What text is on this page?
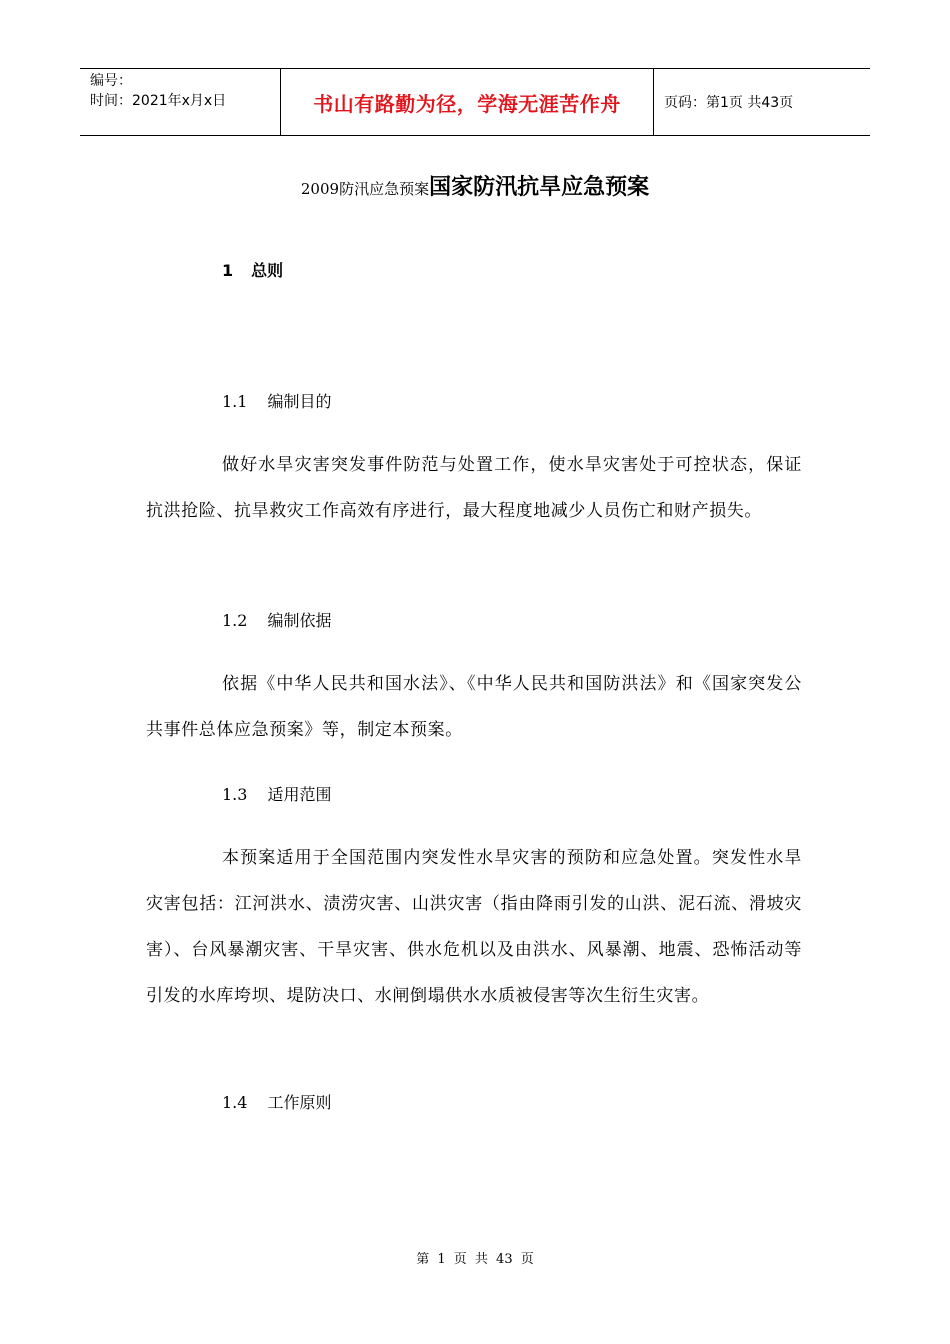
编号：
时间：2021年x月x日	书山有路勤为径，学海无涯苦作舟	页码：第1页 共43页
2009防汛应急预案国家防汛抗旱应急预案
1 总则
1.1 编制目的
做好水旱灾害突发事件防范与处置工作，使水旱灾害处于可控状态，保证抗洪抢险、抗旱救灾工作高效有序进行，最大程度地减少人员伤亡和财产损失。
1.2 编制依据
依据《中华人民共和国水法》、《中华人民共和国防洪法》和《国家突发公共事件总体应急预案》等，制定本预案。
1.3 适用范围
本预案适用于全国范围内突发性水旱灾害的预防和应急处置。突发性水旱灾害包括：江河洪水、渍涝灾害、山洪灾害（指由降雨引发的山洪、泥石流、滑坡灾害）、台风暴潮灾害、干旱灾害、供水危机以及由洪水、风暴潮、地震、恐怖活动等引发的水库垮坝、堤防决口、水闸倒塌供水水质被侵害等次生衍生灾害。
1.4 工作原则
第 1 页 共 43 页
